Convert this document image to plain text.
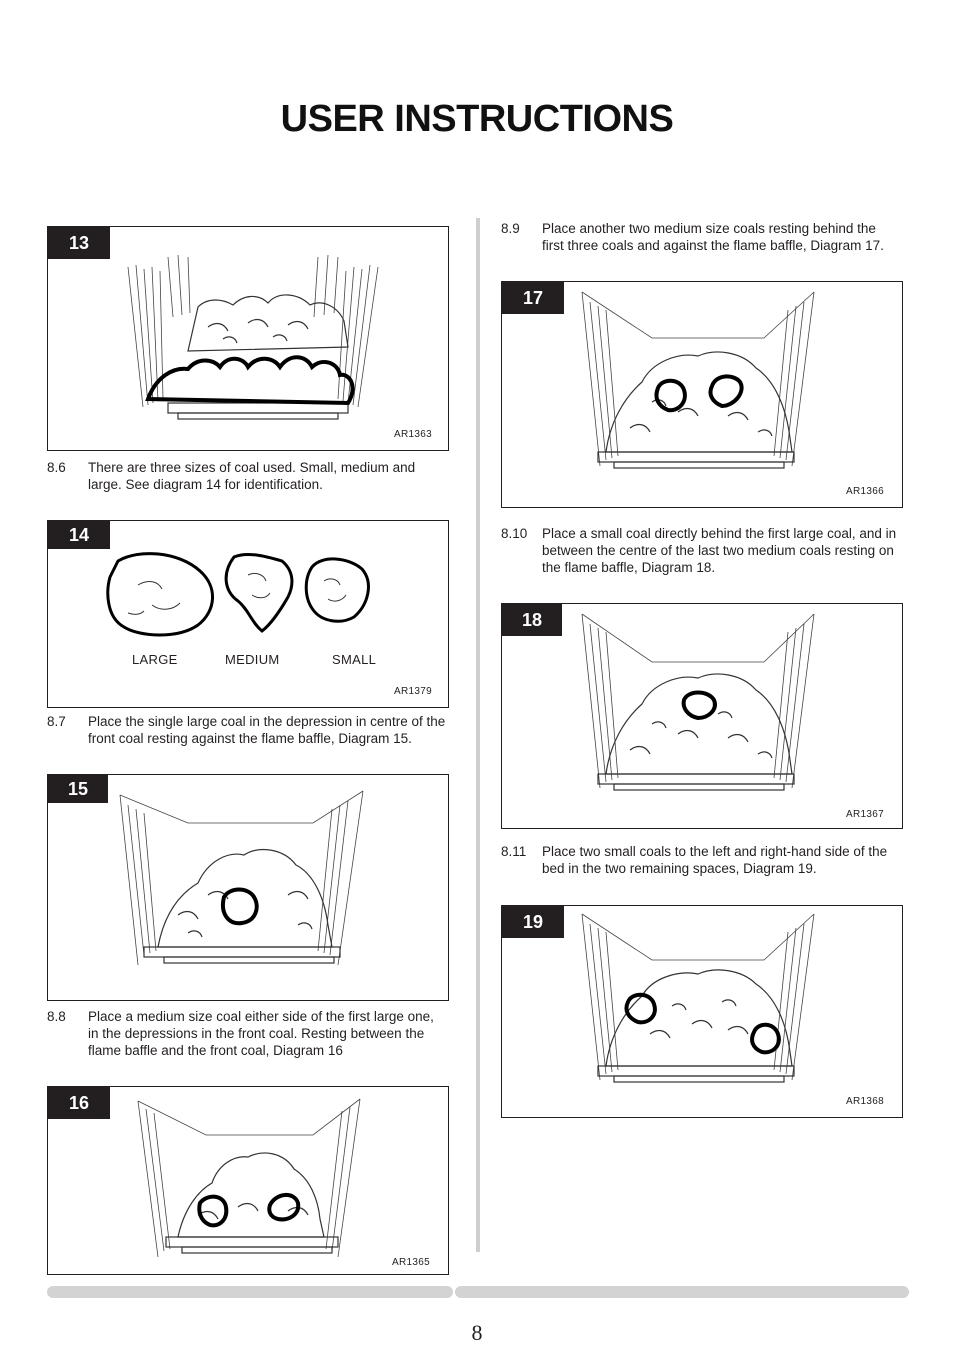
USER INSTRUCTIONS
13
AR1363
8.6 There are three sizes of coal used. Small, medium and
large. See diagram 14 for identification.
14
LARGE	MEDIUM	SMALL
AR1379
8.7 Place the single large coal in the depression in centre of the
front coal resting against the flame baffle, Diagram 15.
15
8.8 Place a medium size coal either side of the first large one,
in the depressions in the front coal. Resting between the
flame baffle and the front coal, Diagram 16
16
AR1365
8.9 Place another two medium size coals resting behind the
first three coals and against the flame baffle, Diagram 17.
17
AR1366
8.10 Place a small coal directly behind the first large coal, and in
between the centre of the last two medium coals resting on
the flame baffle, Diagram 18.
18
AR1367
8.11 Place two small coals to the left and right-hand side of the
bed in the two remaining spaces, Diagram 19.
19
AR1368
8
